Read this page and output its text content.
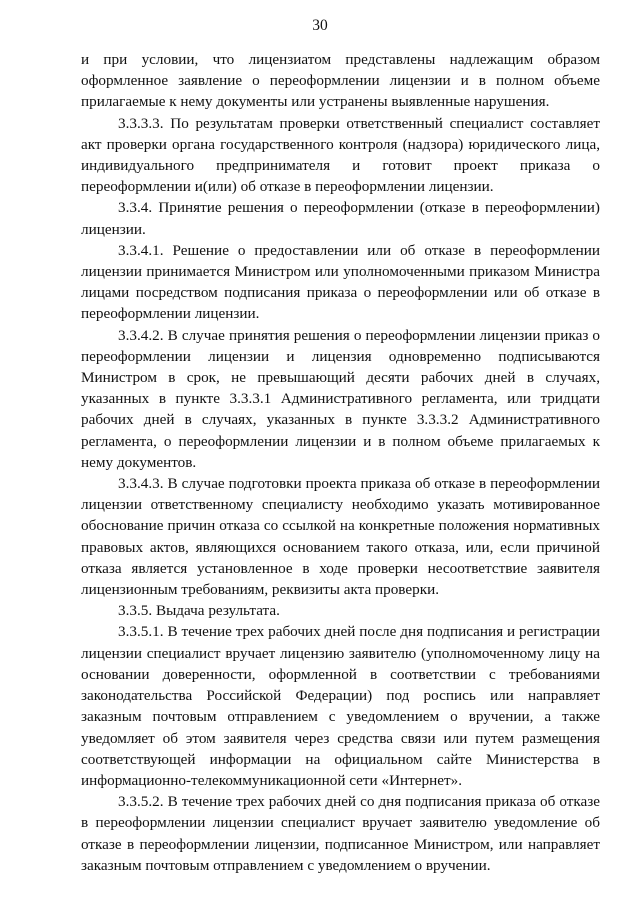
30

и при условии, что лицензиатом представлены надлежащим образом оформленное заявление о переоформлении лицензии и в полном объеме прилагаемые к нему документы или устранены выявленные нарушения.

3.3.3.3. По результатам проверки ответственный специалист составляет акт проверки органа государственного контроля (надзора) юридического лица, индивидуального предпринимателя и готовит проект приказа о переоформлении и(или) об отказе в переоформлении лицензии.

3.3.4. Принятие решения о переоформлении (отказе в переоформлении) лицензии.

3.3.4.1. Решение о предоставлении или об отказе в переоформлении лицензии принимается Министром или уполномоченными приказом Министра лицами посредством подписания приказа о переоформлении или об отказе в переоформлении лицензии.

3.3.4.2. В случае принятия решения о переоформлении лицензии приказ о переоформлении лицензии и лицензия одновременно подписываются Министром в срок, не превышающий десяти рабочих дней в случаях, указанных в пункте 3.3.3.1 Административного регламента, или тридцати рабочих дней в случаях, указанных в пункте 3.3.3.2 Административного регламента, о переоформлении лицензии и в полном объеме прилагаемых к нему документов.

3.3.4.3. В случае подготовки проекта приказа об отказе в переоформлении лицензии ответственному специалисту необходимо указать мотивированное обоснование причин отказа со ссылкой на конкретные положения нормативных правовых актов, являющихся основанием такого отказа, или, если причиной отказа является установленное в ходе проверки несоответствие заявителя лицензионным требованиям, реквизиты акта проверки.

3.3.5. Выдача результата.

3.3.5.1. В течение трех рабочих дней после дня подписания и регистрации лицензии специалист вручает лицензию заявителю (уполномоченному лицу на основании доверенности, оформленной в соответствии с требованиями законодательства Российской Федерации) под роспись или направляет заказным почтовым отправлением с уведомлением о вручении, а также уведомляет об этом заявителя через средства связи или путем размещения соответствующей информации на официальном сайте Министерства в информационно-телекоммуникационной сети «Интернет».

3.3.5.2. В течение трех рабочих дней со дня подписания приказа об отказе в переоформлении лицензии специалист вручает заявителю уведомление об отказе в переоформлении лицензии, подписанное Министром, или направляет заказным почтовым отправлением с уведомлением о вручении.
